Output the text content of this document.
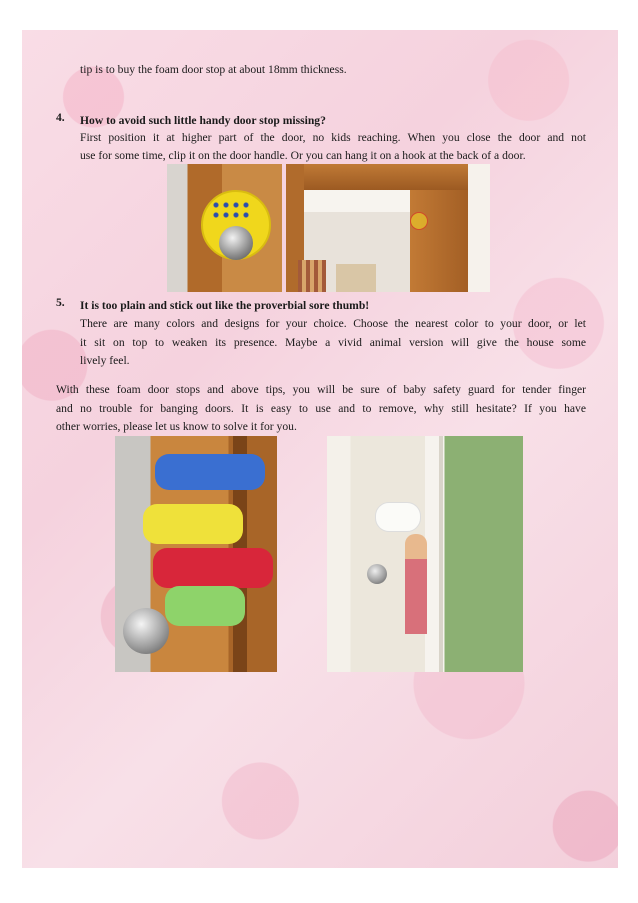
tip is to buy the foam door stop at about 18mm thickness.
4. How to avoid such little handy door stop missing?
First position it at higher part of the door, no kids reaching. When you close the door and not
use for some time, clip it on the door handle. Or you can hang it on a hook at the back of a door.
5. It is too plain and stick out like the proverbial sore thumb!
There are many colors and designs for your choice. Choose the nearest color to your door, or let
it sit on top to weaken its presence. Maybe a vivid animal version will give the house some
lively feel.
With these foam door stops and above tips, you will be sure of baby safety guard for tender finger
and no trouble for banging doors. It is easy to use and to remove, why still hesitate? If you have
other worries, please let us know to solve it for you.
